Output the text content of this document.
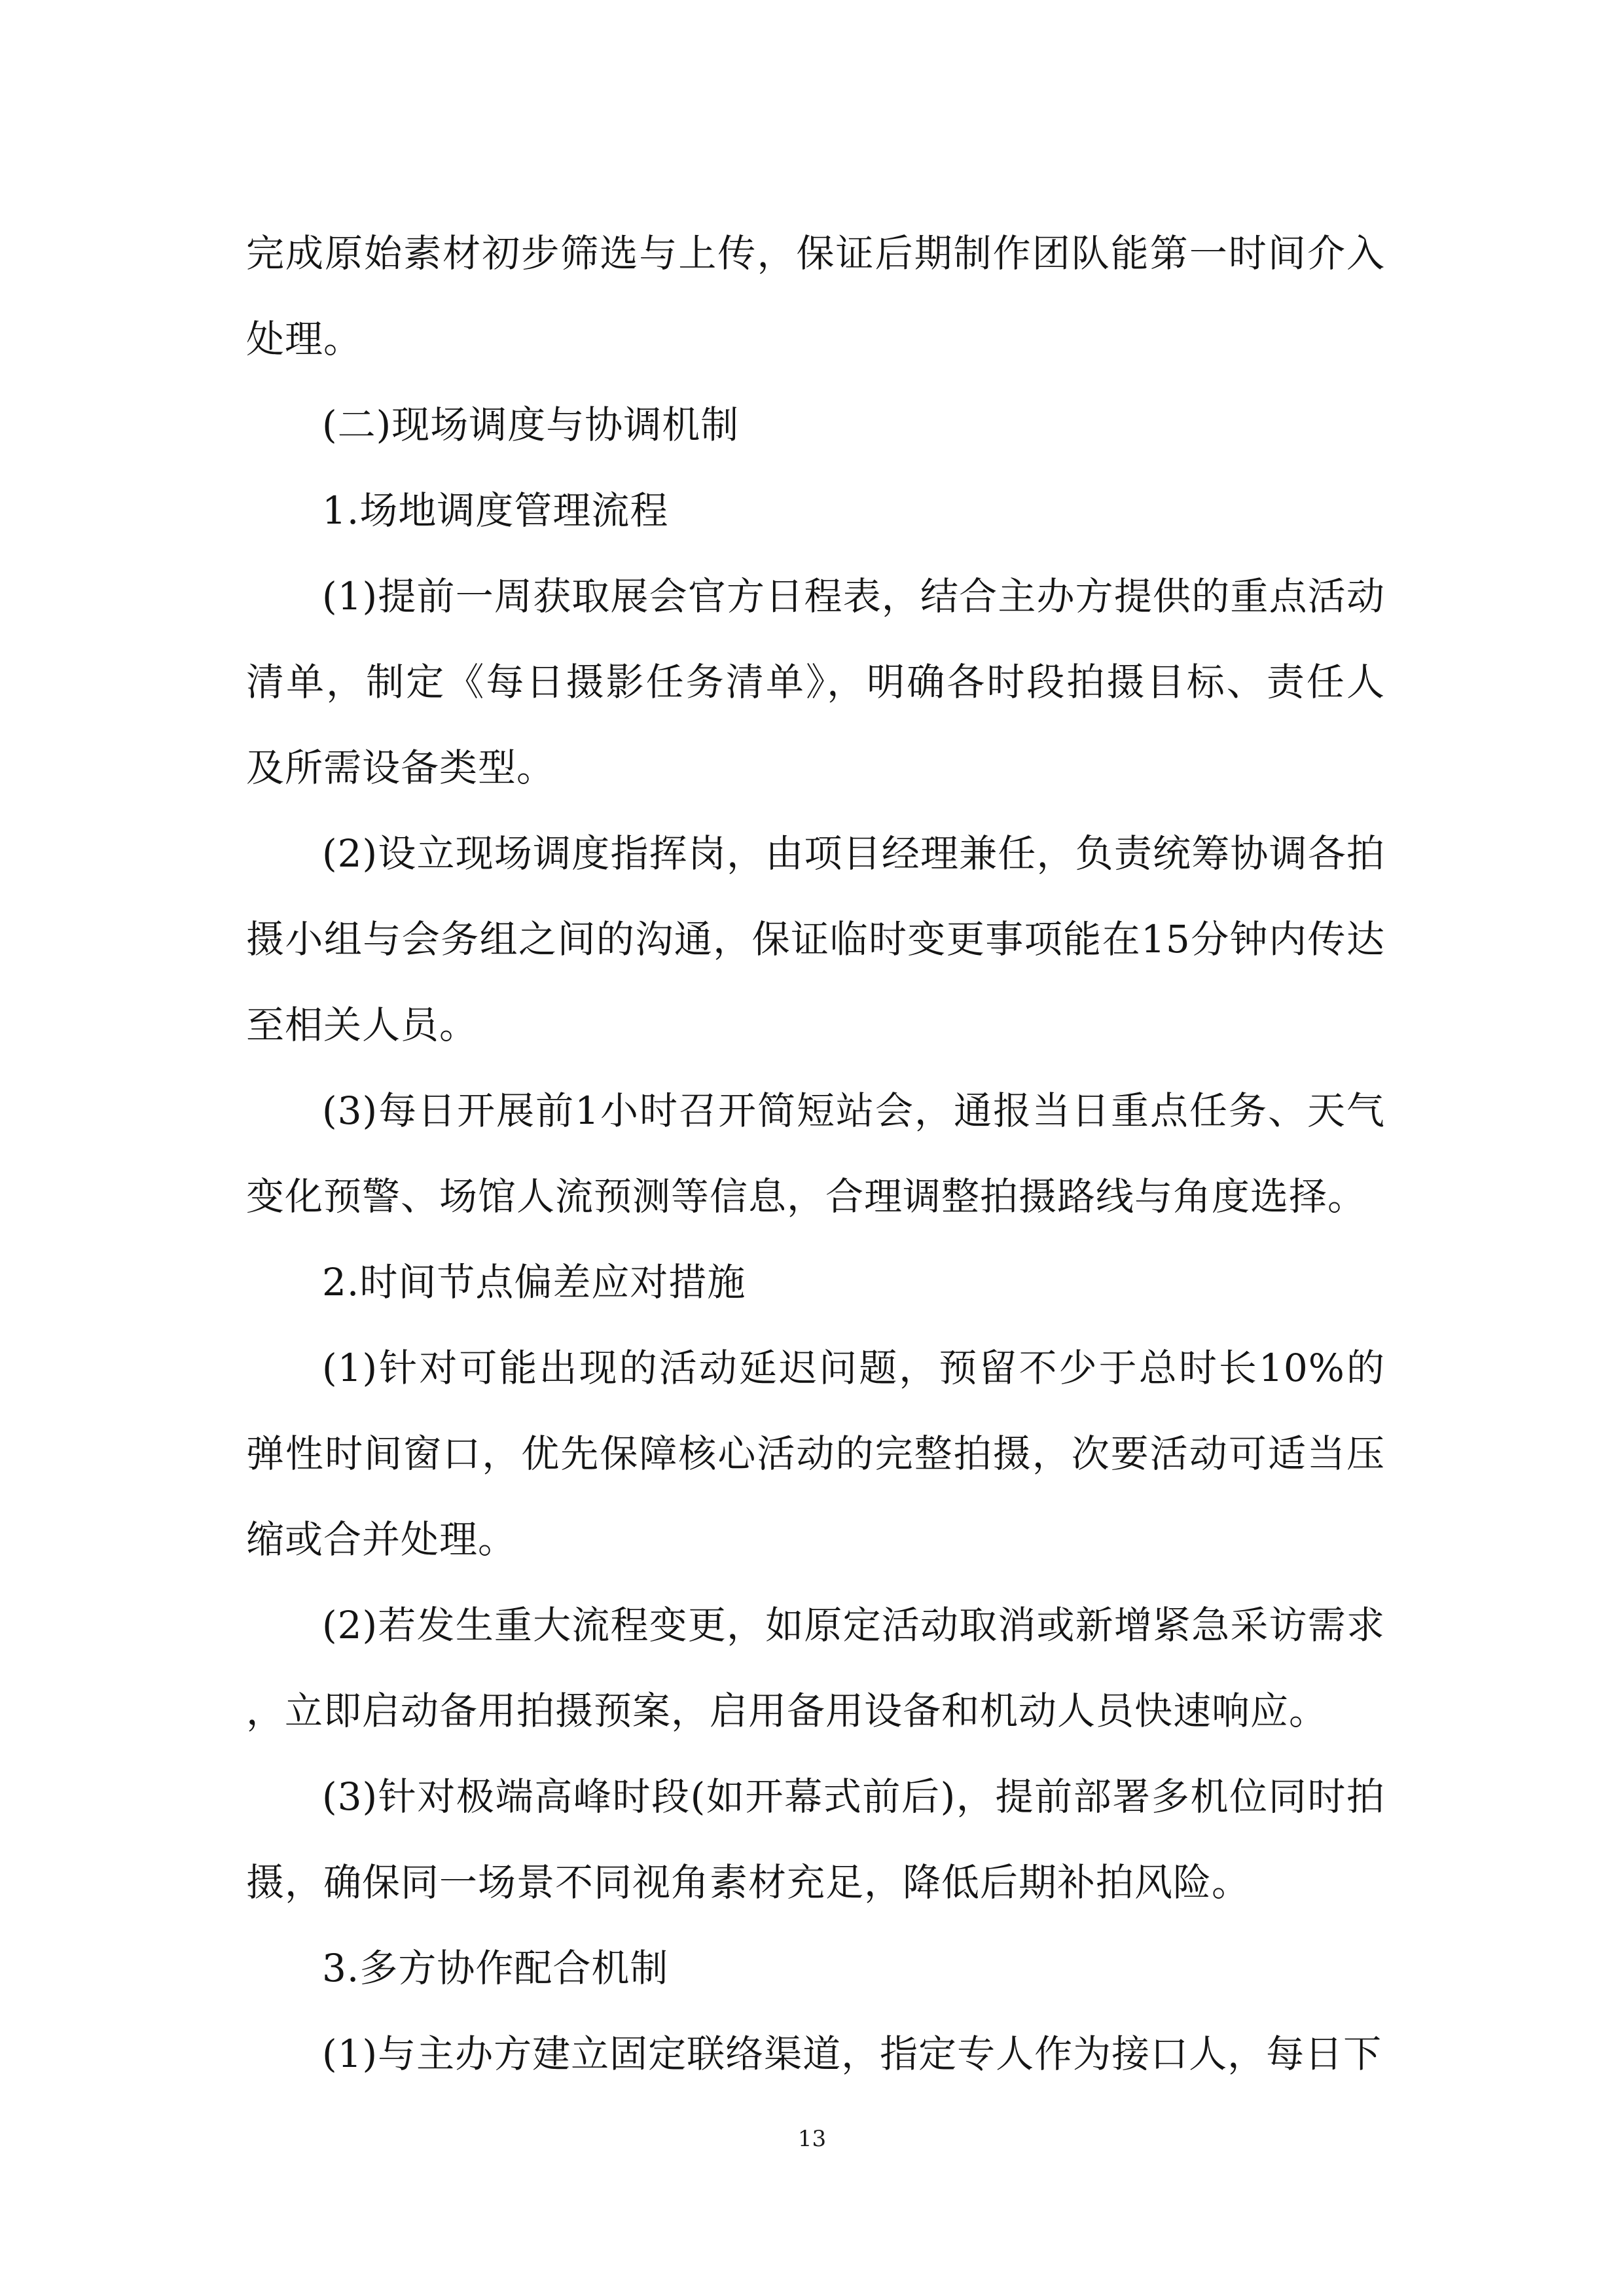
完成原始素材初步筛选与上传，保证后期制作团队能第一时间介入处理。

(二)现场调度与协调机制

1.场地调度管理流程

(1)提前一周获取展会官方日程表，结合主办方提供的重点活动清单，制定《每日摄影任务清单》，明确各时段拍摄目标、责任人及所需设备类型。

(2)设立现场调度指挥岗，由项目经理兼任，负责统筹协调各拍摄小组与会务组之间的沟通，保证临时变更事项能在15分钟内传达至相关人员。

(3)每日开展前1小时召开简短站会，通报当日重点任务、天气变化预警、场馆人流预测等信息，合理调整拍摄路线与角度选择。

2.时间节点偏差应对措施

(1)针对可能出现的活动延迟问题，预留不少于总时长10%的弹性时间窗口，优先保障核心活动的完整拍摄，次要活动可适当压缩或合并处理。

(2)若发生重大流程变更，如原定活动取消或新增紧急采访需求，立即启动备用拍摄预案，启用备用设备和机动人员快速响应。

(3)针对极端高峰时段(如开幕式前后)，提前部署多机位同时拍摄，确保同一场景不同视角素材充足，降低后期补拍风险。

3.多方协作配合机制

(1)与主办方建立固定联络渠道，指定专人作为接口人，每日下

13
